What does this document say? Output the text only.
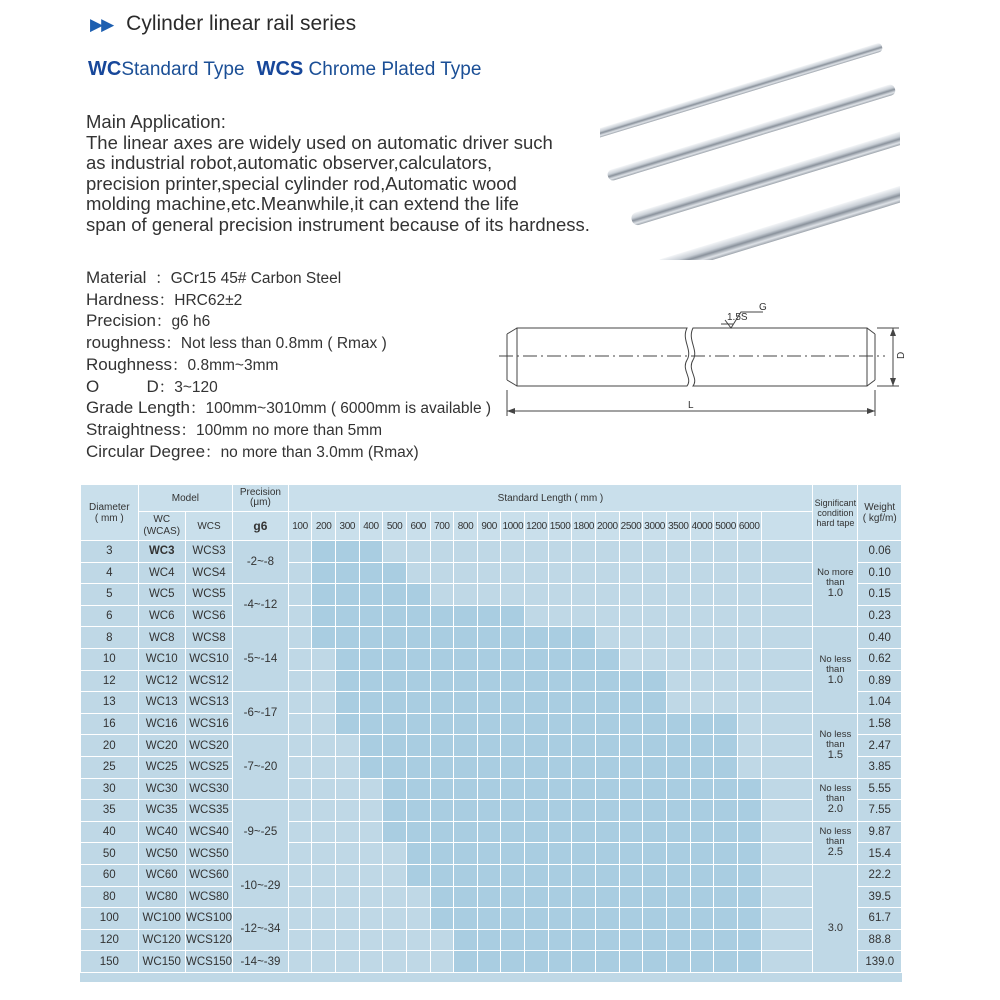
▶▶ Cylinder linear rail series
WCStandard Type WCS Chrome Plated Type
Main Application:
The linear axes are widely used on automatic driver such
as industrial robot,automatic observer,calculators,
precision printer,special cylinder rod,Automatic wood
molding machine,etc.Meanwhile,it can extend the life
span of general precision instrument because of its hardness.
Material ：GCr15 45# Carbon Steel
Hardness：HRC62±2
Precision：g6 h6
roughness：Not less than 0.8mm ( Rmax )
Roughness：0.8mm~3mm
O          D：3~120
Grade Length：100mm~3010mm ( 6000mm is available )
Straightness：100mm no more than 5mm
Circular Degree：no more than 3.0mm (Rmax)
1.5S
G
D
L
Diameter
( mm )	Model		Precision
(μm)	Standard Length ( mm )																					Significant
condition
hard tape	Weight
( kgf/m)
	WC
(WCAS)	WCS	g6	100	200	300	400	500	600	700	800	900	1000	1200	1500	1800	2000	2500	3000	3500	4000	5000	6000			
3	WC3	WCS3	-2~-8																						No more
than
1.0	0.06
4	WC4	WCS4																								0.10
5	WC5	WCS5	-4~-12																							0.15
6	WC6	WCS6																								0.23
8	WC8	WCS8	-5~-14																						No less
than
1.0	0.40
10	WC10	WCS10																								0.62
12	WC12	WCS12																								0.89
13	WC13	WCS13	-6~-17																							1.04
16	WC16	WCS16																							No less
than
1.5	1.58
20	WC20	WCS20	-7~-20																							2.47
25	WC25	WCS25																								3.85
30	WC30	WCS30																							No less
than
2.0	5.55
35	WC35	WCS35	-9~-25																							7.55
40	WC40	WCS40																							No less
than
2.5	9.87
50	WC50	WCS50																								15.4
60	WC60	WCS60	-10~-29																						3.0	22.2
80	WC80	WCS80																								39.5
100	WC100	WCS100	-12~-34																							61.7
120	WC120	WCS120																								88.8
150	WC150	WCS150	-14~-39																							139.0
